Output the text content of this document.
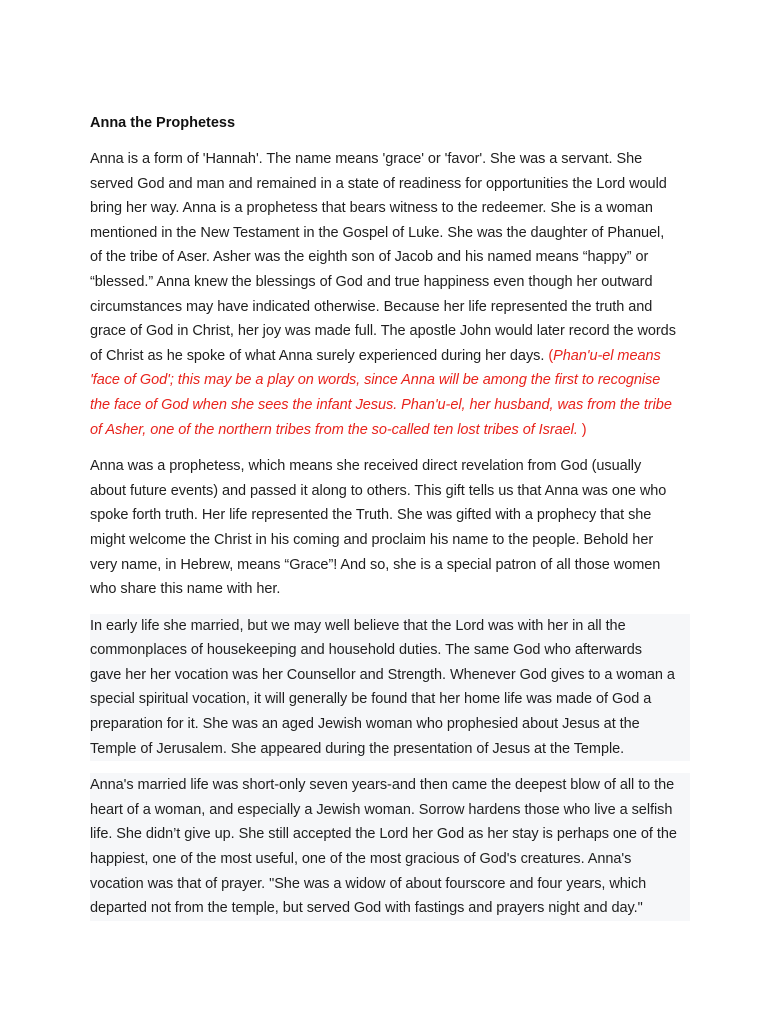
Anna the Prophetess
Anna is a form of 'Hannah'. The name means 'grace' or 'favor'. She was a servant. She
served God and man and remained in a state of readiness for opportunities the Lord would
bring her way. Anna is a prophetess that bears witness to the redeemer. She is a woman
mentioned in the New Testament in the Gospel of Luke. She was the daughter of Phanuel,
of the tribe of Aser. Asher was the eighth son of Jacob and his named means “happy” or
“blessed.” Anna knew the blessings of God and true happiness even though her outward
circumstances may have indicated otherwise. Because her life represented the truth and
grace of God in Christ, her joy was made full. The apostle John would later record the words
of Christ as he spoke of what Anna surely experienced during her days. (Phan'u-el means
'face of God'; this may be a play on words, since Anna will be among the first to recognise
the face of God when she sees the infant Jesus. Phan'u-el, her husband, was from the tribe
of Asher, one of the northern tribes from the so-called ten lost tribes of Israel. )
Anna was a prophetess, which means she received direct revelation from God (usually
about future events) and passed it along to others. This gift tells us that Anna was one who
spoke forth truth. Her life represented the Truth. She was gifted with a prophecy that she
might welcome the Christ in his coming and proclaim his name to the people. Behold her
very name, in Hebrew, means “Grace”! And so, she is a special patron of all those women
who share this name with her.
In early life she married, but we may well believe that the Lord was with her in all the
commonplaces of housekeeping and household duties. The same God who afterwards
gave her her vocation was her Counsellor and Strength. Whenever God gives to a woman a
special spiritual vocation, it will generally be found that her home life was made of God a
preparation for it. She was an aged Jewish woman who prophesied about Jesus at the
Temple of Jerusalem. She appeared during the presentation of Jesus at the Temple.
Anna's married life was short-only seven years-and then came the deepest blow of all to the
heart of a woman, and especially a Jewish woman. Sorrow hardens those who live a selfish
life. She didn’t give up. She still accepted the Lord her God as her stay is perhaps one of the
happiest, one of the most useful, one of the most gracious of God's creatures. Anna's
vocation was that of prayer. "She was a widow of about fourscore and four years, which
departed not from the temple, but served God with fastings and prayers night and day."
